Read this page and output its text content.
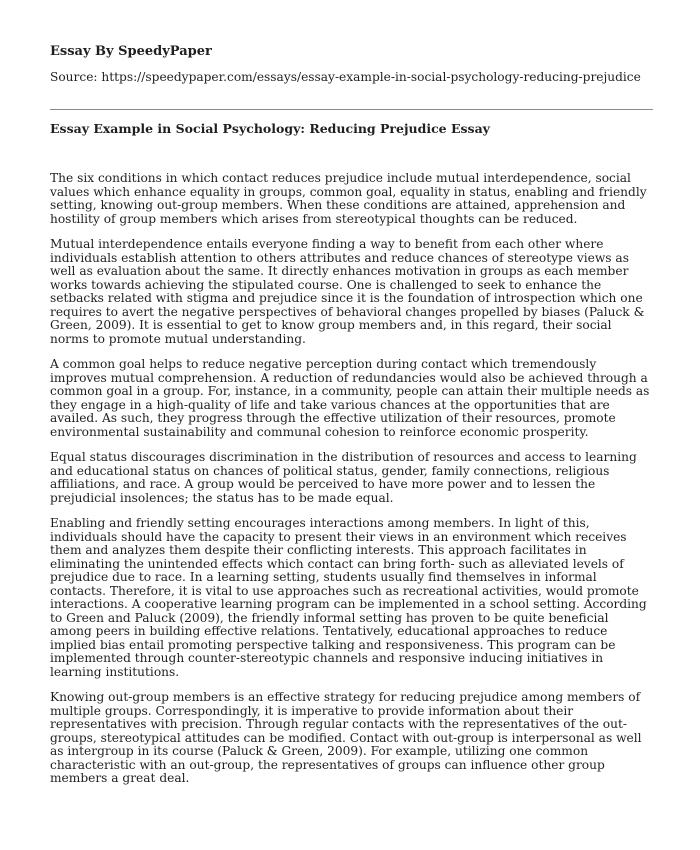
Essay By SpeedyPaper
Source: https://speedypaper.com/essays/essay-example-in-social-psychology-reducing-prejudice
Essay Example in Social Psychology: Reducing Prejudice Essay

The six conditions in which contact reduces prejudice include mutual interdependence, social values which enhance equality in groups, common goal, equality in status, enabling and friendly setting, knowing out-group members. When these conditions are attained, apprehension and hostility of group members which arises from stereotypical thoughts can be reduced.

Mutual interdependence entails everyone finding a way to benefit from each other where individuals establish attention to others attributes and reduce chances of stereotype views as well as evaluation about the same. It directly enhances motivation in groups as each member works towards achieving the stipulated course. One is challenged to seek to enhance the setbacks related with stigma and prejudice since it is the foundation of introspection which one requires to avert the negative perspectives of behavioral changes propelled by biases (Paluck & Green, 2009). It is essential to get to know group members and, in this regard, their social norms to promote mutual understanding.

A common goal helps to reduce negative perception during contact which tremendously improves mutual comprehension. A reduction of redundancies would also be achieved through a common goal in a group. For, instance, in a community, people can attain their multiple needs as they engage in a high-quality of life and take various chances at the opportunities that are availed. As such, they progress through the effective utilization of their resources, promote environmental sustainability and communal cohesion to reinforce economic prosperity.

Equal status discourages discrimination in the distribution of resources and access to learning and educational status on chances of political status, gender, family connections, religious affiliations, and race. A group would be perceived to have more power and to lessen the prejudicial insolences; the status has to be made equal.

Enabling and friendly setting encourages interactions among members. In light of this, individuals should have the capacity to present their views in an environment which receives them and analyzes them despite their conflicting interests. This approach facilitates in eliminating the unintended effects which contact can bring forth- such as alleviated levels of prejudice due to race. In a learning setting, students usually find themselves in informal contacts. Therefore, it is vital to use approaches such as recreational activities, would promote interactions. A cooperative learning program can be implemented in a school setting. According to Green and Paluck (2009), the friendly informal setting has proven to be quite beneficial among peers in building effective relations. Tentatively, educational approaches to reduce implied bias entail promoting perspective talking and responsiveness. This program can be implemented through counter-stereotypic channels and responsive inducing initiatives in learning institutions.

Knowing out-group members is an effective strategy for reducing prejudice among members of multiple groups. Correspondingly, it is imperative to provide information about their representatives with precision. Through regular contacts with the representatives of the out-groups, stereotypical attitudes can be modified. Contact with out-group is interpersonal as well as intergroup in its course (Paluck & Green, 2009). For example, utilizing one common characteristic with an out-group, the representatives of groups can influence other group members a great deal.
